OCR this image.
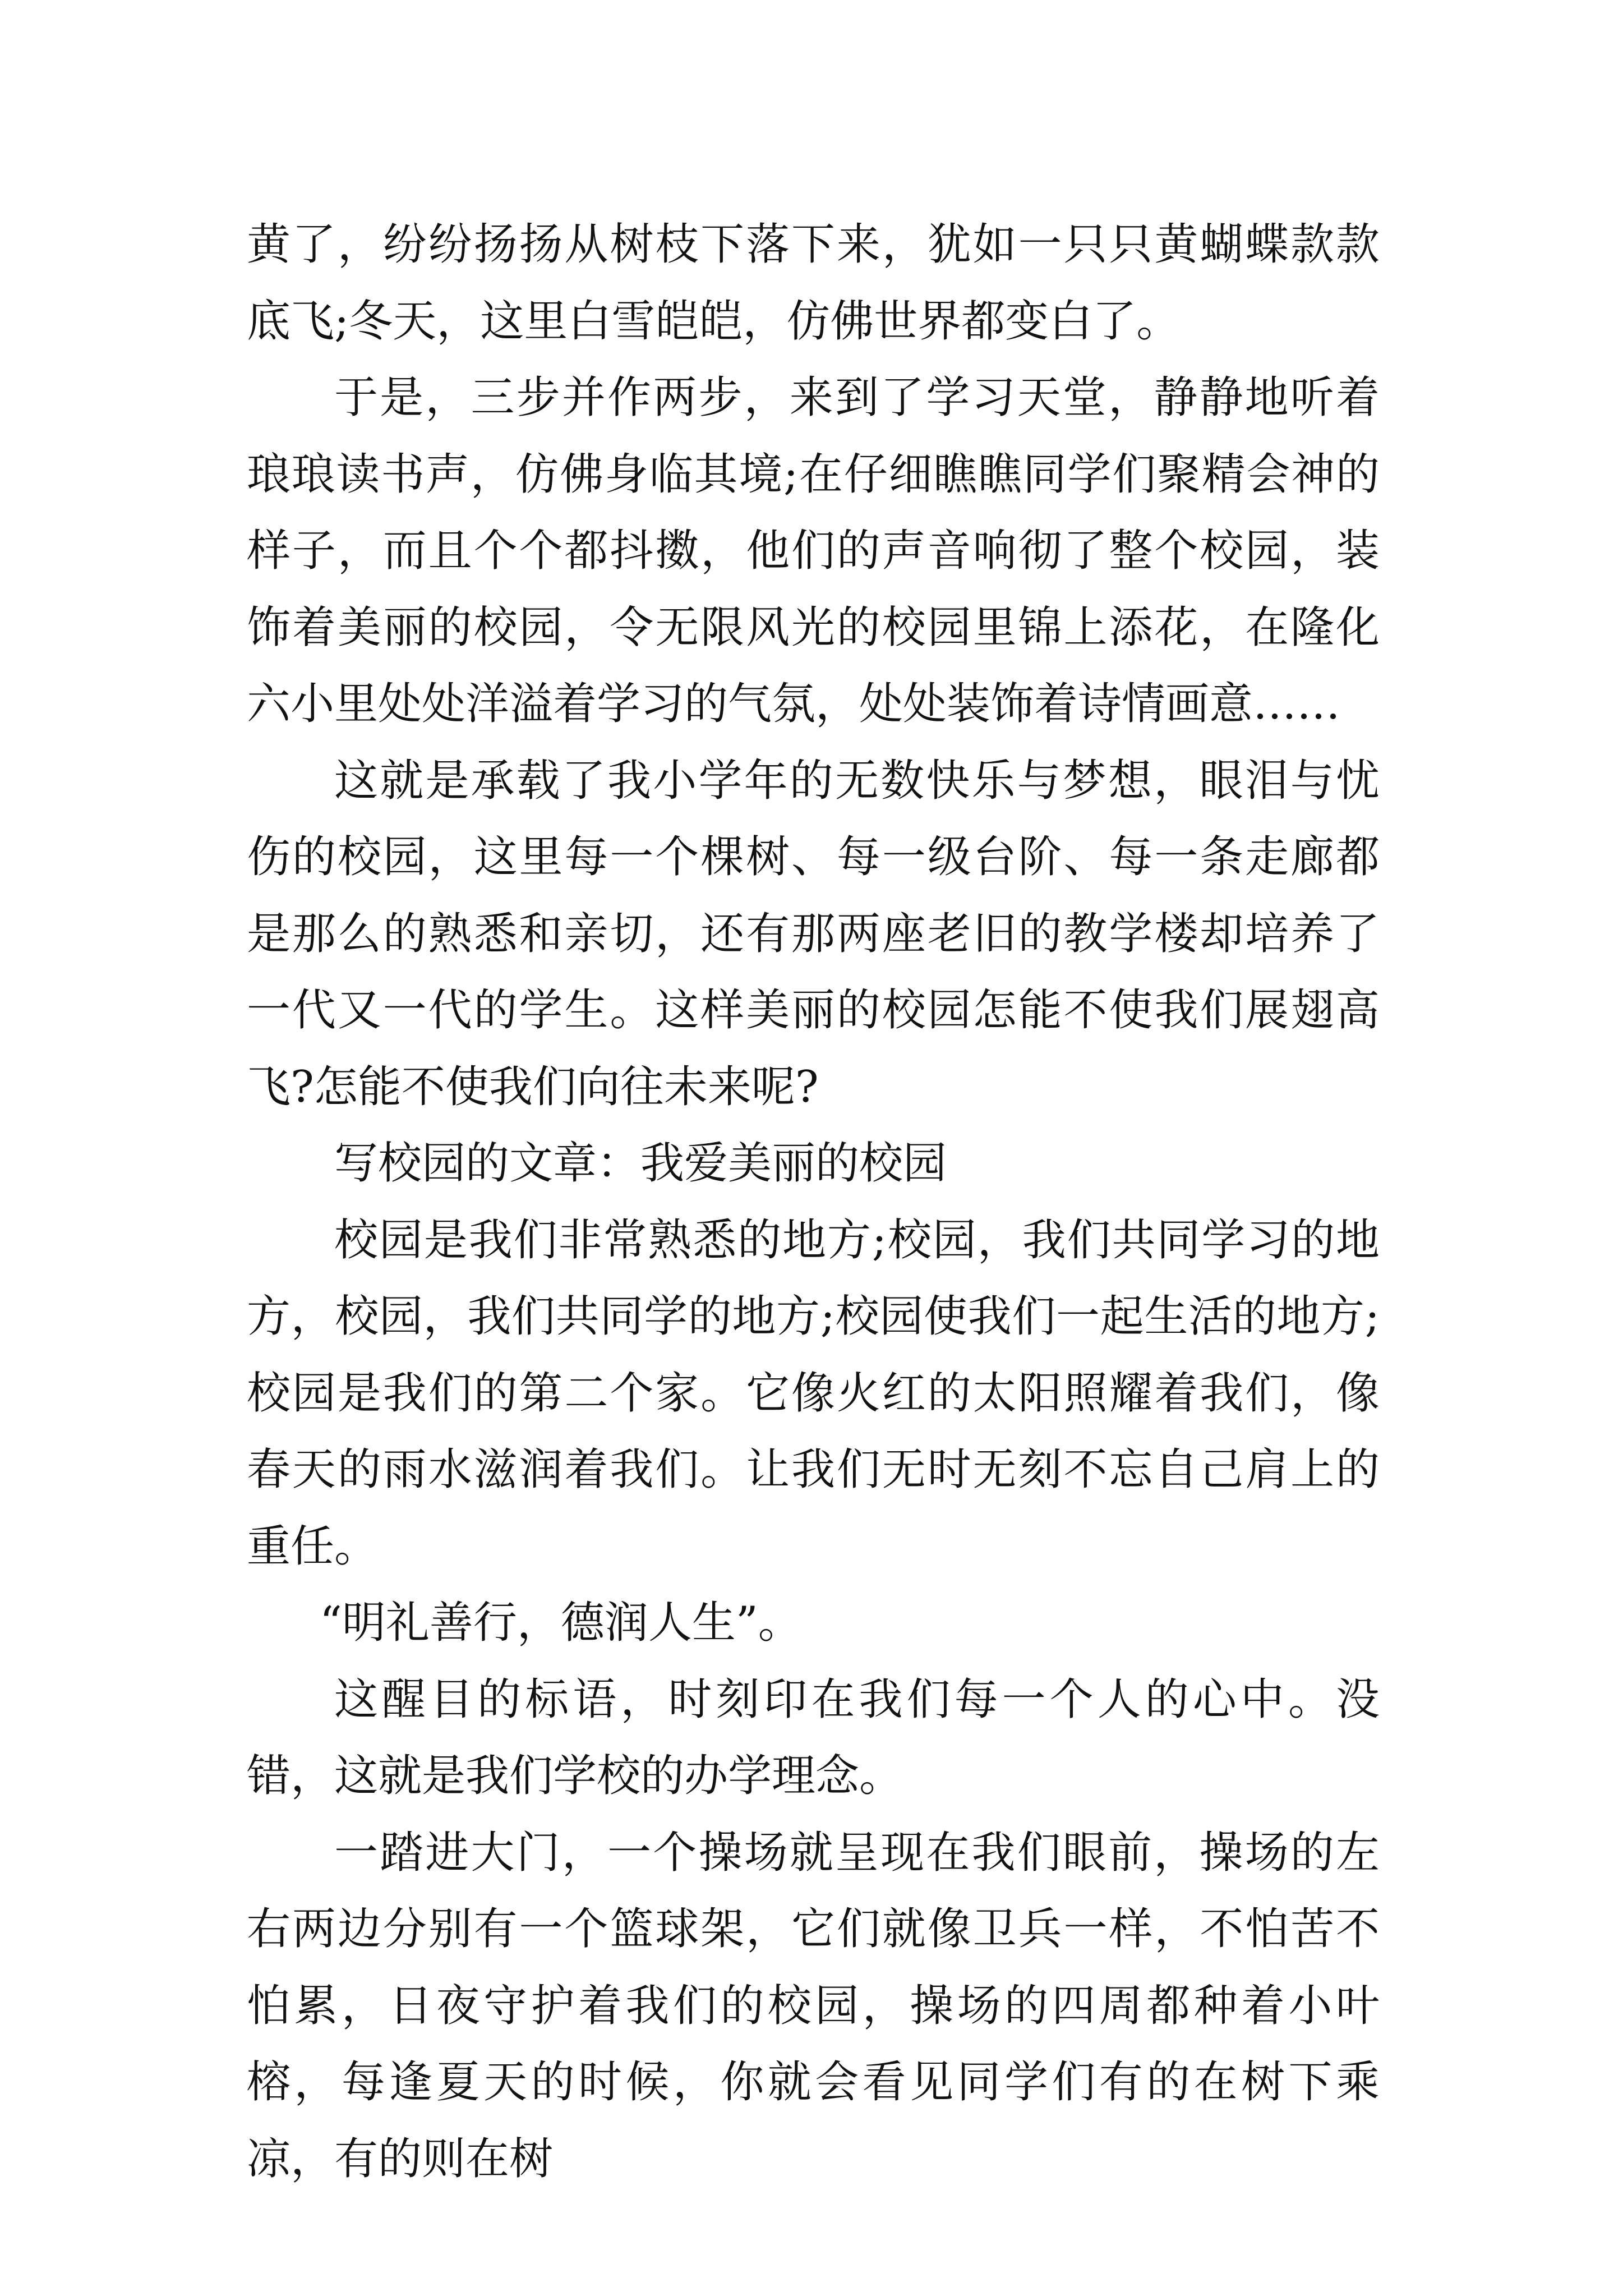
黄了，纷纷扬扬从树枝下落下来，犹如一只只黄蝴蝶款款底飞;冬天，这里白雪皑皑，仿佛世界都变白了。

于是，三步并作两步，来到了学习天堂，静静地听着琅琅读书声，仿佛身临其境;在仔细瞧瞧同学们聚精会神的样子，而且个个都抖擞，他们的声音响彻了整个校园，装饰着美丽的校园，令无限风光的校园里锦上添花，在隆化六小里处处洋溢着学习的气氛，处处装饰着诗情画意……

这就是承载了我小学年的无数快乐与梦想，眼泪与忧伤的校园，这里每一个棵树、每一级台阶、每一条走廊都是那么的熟悉和亲切，还有那两座老旧的教学楼却培养了一代又一代的学生。这样美丽的校园怎能不使我们展翅高飞?怎能不使我们向往未来呢?

写校园的文章：我爱美丽的校园

校园是我们非常熟悉的地方;校园，我们共同学习的地方，校园，我们共同学的地方;校园使我们一起生活的地方;校园是我们的第二个家。它像火红的太阳照耀着我们，像春天的雨水滋润着我们。让我们无时无刻不忘自己肩上的重任。

“明礼善行，德润人生”。

这醒目的标语，时刻印在我们每一个人的心中。没错，这就是我们学校的办学理念。

一踏进大门，一个操场就呈现在我们眼前，操场的左右两边分别有一个篮球架，它们就像卫兵一样，不怕苦不怕累，日夜守护着我们的校园，操场的四周都种着小叶榕，每逢夏天的时候，你就会看见同学们有的在树下乘凉，有的则在树
